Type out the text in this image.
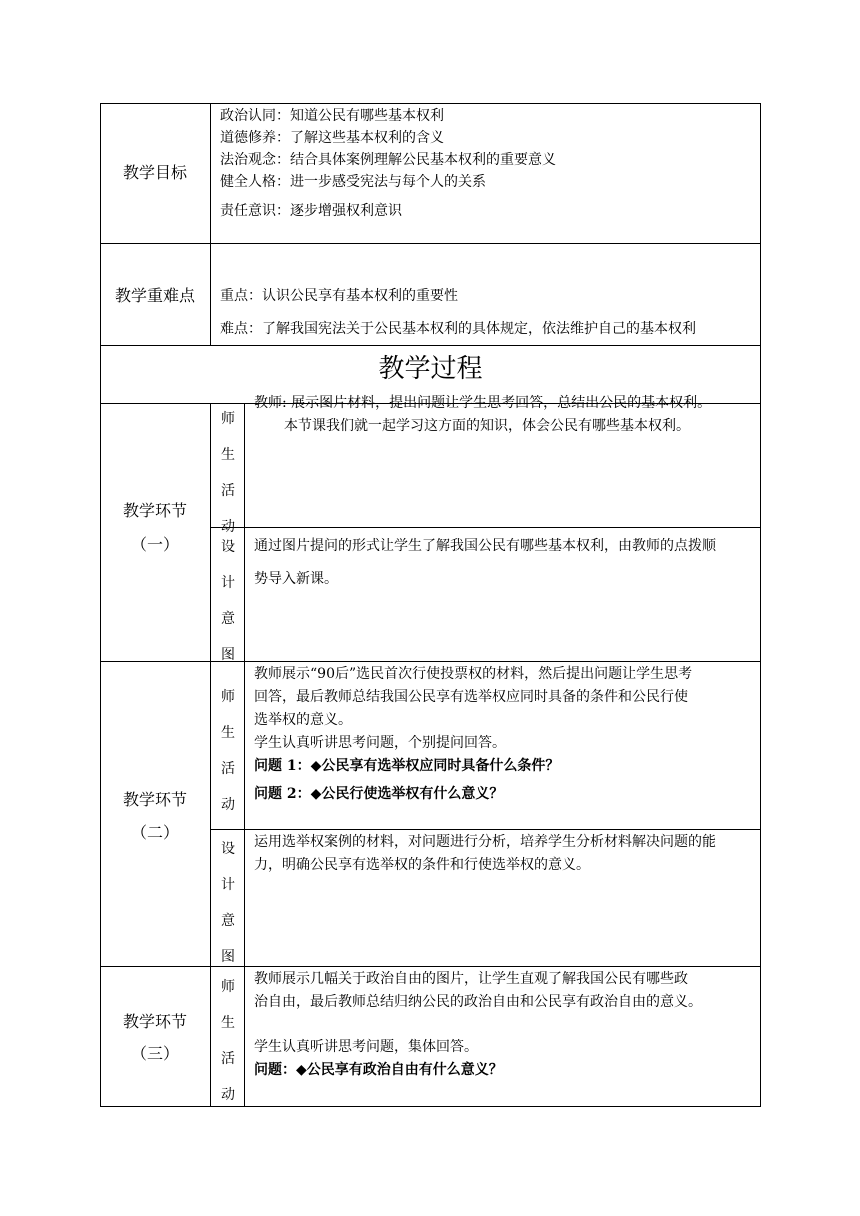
教学目标
政治认同：知道公民有哪些基本权利
道德修养：了解这些基本权利的含义
法治观念：结合具体案例理解公民基本权利的重要意义
健全人格：进一步感受宪法与每个人的关系
责任意识：逐步增强权利意识
教学重难点	重点：认识公民享有基本权利的重要性
难点：了解我国宪法关于公民基本权利的具体规定，依法维护自己的基本权利
教学过程
教学环节
（一）
师
生
活
动
教师: 展示图片材料，提出问题让学生思考回答，总结出公民的基本权利。
本节课我们就一起学习这方面的知识，体会公民有哪些基本权利。
设
计
意
图
通过图片提问的形式让学生了解我国公民有哪些基本权利，由教师的点拨顺
势导入新课。
教学环节
（二）
师
生
活
动
教师展示“90后”选民首次行使投票权的材料，然后提出问题让学生思考
回答，最后教师总结我国公民享有选举权应同时具备的条件和公民行使
选举权的意义。
学生认真听讲思考问题，个别提问回答。
问题 1：◆公民享有选举权应同时具备什么条件？
问题 2：◆公民行使选举权有什么意义？
设
计
意
图
运用选举权案例的材料，对问题进行分析，培养学生分析材料解决问题的能
力，明确公民享有选举权的条件和行使选举权的意义。
教学环节
（三）
师
生
活
动
教师展示几幅关于政治自由的图片，让学生直观了解我国公民有哪些政
治自由，最后教师总结归纳公民的政治自由和公民享有政治自由的意义。
学生认真听讲思考问题，集体回答。
问题：◆公民享有政治自由有什么意义？
